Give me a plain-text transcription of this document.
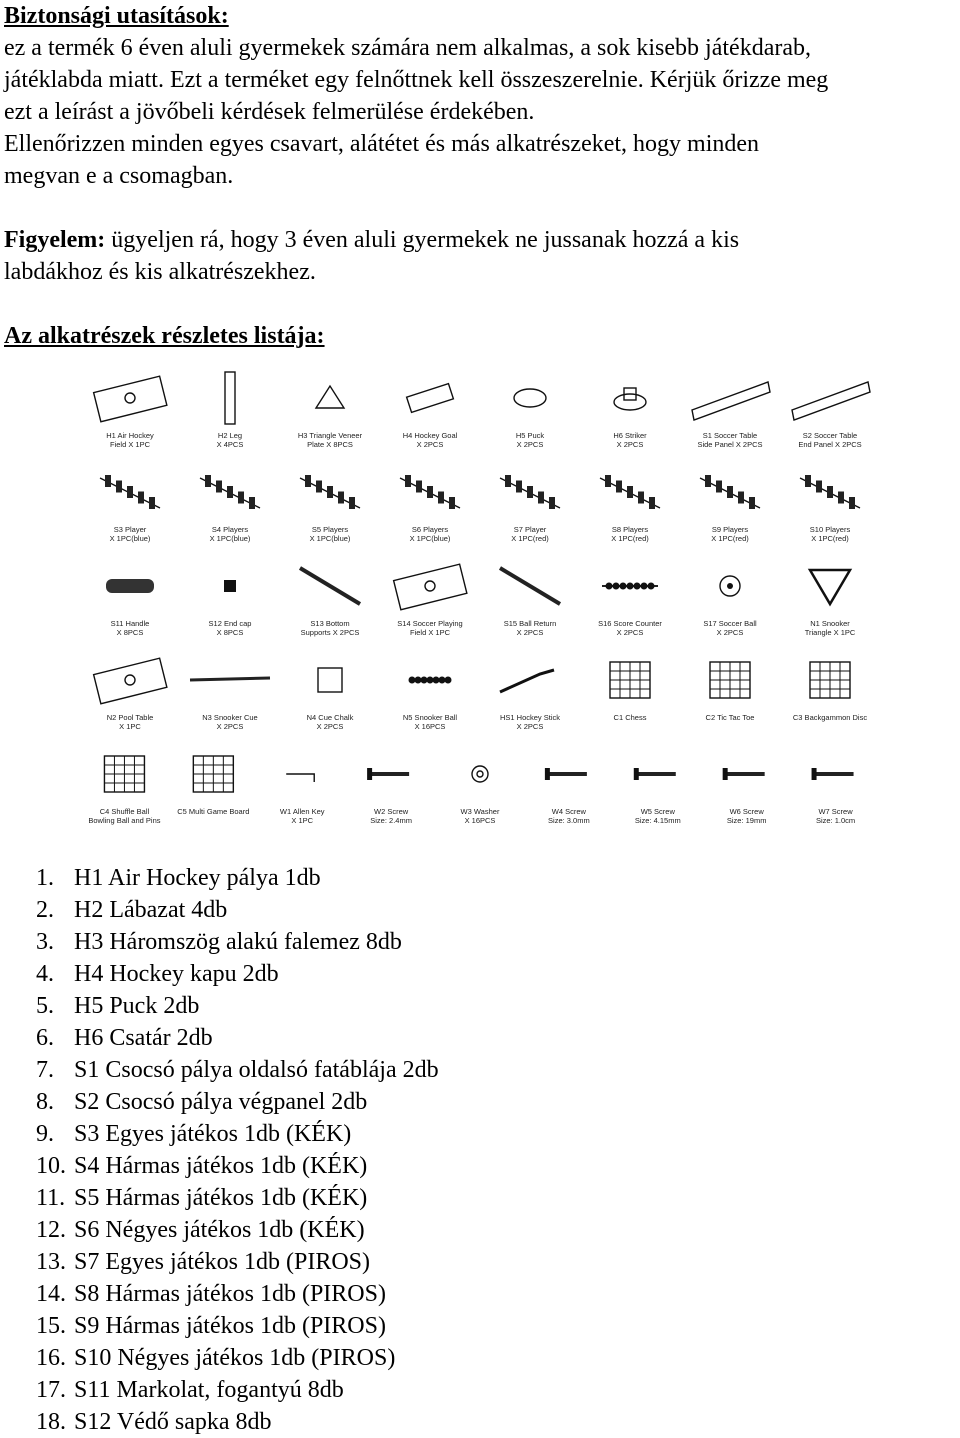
Biztonsági utasítások:
ez a termék 6 éven aluli gyermekek számára nem alkalmas, a sok kisebb játékdarab,
játéklabda miatt. Ezt a terméket egy felnőttnek kell összeszerelnie. Kérjük őrizze meg
ezt a leírást a jövőbeli kérdések felmerülése érdekében.
Ellenőrizzen minden egyes csavart, alátétet és más alkatrészeket, hogy minden
megvan e a csomagban.
Figyelem: ügyeljen rá, hogy 3 éven aluli gyermekek ne jussanak hozzá a kis
labdákhoz és kis alkatrészekhez.
Az alkatrészek részletes listája:
H1 Air Hockey
Field X 1PC
H2 Leg
X 4PCS
H3 Triangle Veneer
Plate X 8PCS
H4 Hockey Goal
X 2PCS
H5 Puck
X 2PCS
H6 Striker
X 2PCS
S1 Soccer Table
Side Panel X 2PCS
S2 Soccer Table
End Panel X 2PCS
S3 Player
X 1PC(blue)
S4 Players
X 1PC(blue)
S5 Players
X 1PC(blue)
S6 Players
X 1PC(blue)
S7 Player
X 1PC(red)
S8 Players
X 1PC(red)
S9 Players
X 1PC(red)
S10 Players
X 1PC(red)
S11 Handle
X 8PCS
S12 End cap
X 8PCS
S13 Bottom
Supports X 2PCS
S14 Soccer Playing
Field X 1PC
S15 Ball Return
X 2PCS
S16 Score Counter
X 2PCS
S17 Soccer Ball
X 2PCS
N1 Snooker
Triangle X 1PC
N2 Pool Table
X 1PC
N3 Snooker Cue
X 2PCS
N4 Cue Chalk
X 2PCS
N5 Snooker Ball
X 16PCS
HS1 Hockey Stick
X 2PCS
C1 Chess	C2 Tic Tac Toe	C3 Backgammon Disc
C4 Shuffle Ball
Bowling Ball and Pins
C5 Multi Game Board	W1 Allen Key
X 1PC
W2 Screw
Size: 2.4mm
W3 Washer
X 16PCS
W4 Screw
Size: 3.0mm
W5 Screw
Size: 4.15mm
W6 Screw
Size: 19mm
W7 Screw
Size: 1.0cm
1. H1 Air Hockey pálya 1db
2. H2 Lábazat 4db
3. H3 Háromszög alakú falemez 8db
4. H4 Hockey kapu 2db
5. H5 Puck 2db
6. H6 Csatár 2db
7. S1 Csocsó pálya oldalsó fatáblája 2db
8. S2 Csocsó pálya végpanel 2db
9. S3 Egyes játékos 1db (KÉK)
10. S4 Hármas játékos 1db (KÉK)
11. S5 Hármas játékos 1db (KÉK)
12. S6 Négyes játékos 1db (KÉK)
13. S7 Egyes játékos 1db (PIROS)
14. S8 Hármas játékos 1db (PIROS)
15. S9 Hármas játékos 1db (PIROS)
16. S10 Négyes játékos 1db (PIROS)
17. S11 Markolat, fogantyú 8db
18. S12 Védő sapka 8db
